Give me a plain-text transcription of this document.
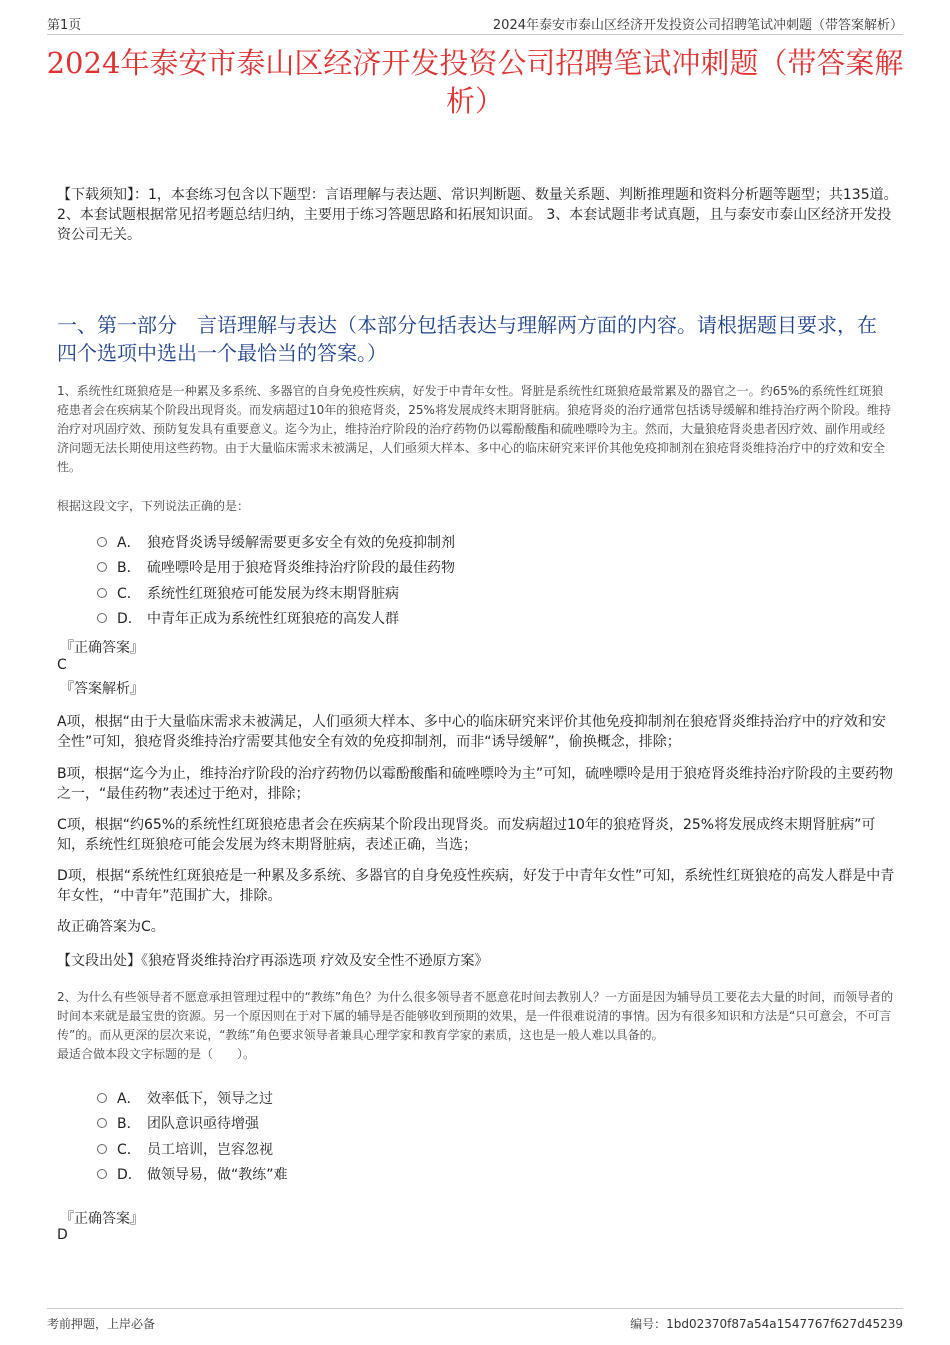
第1页	2024年泰安市泰山区经济开发投资公司招聘笔试冲刺题（带答案解析）
2024年泰安市泰山区经济开发投资公司招聘笔试冲刺题（带答案解析）
【下载须知】：1，本套练习包含以下题型：言语理解与表达题、常识判断题、数量关系题、判断推理题和资料分析题等题型；共135道。 2、本套试题根据常见招考题总结归纳，主要用于练习答题思路和拓展知识面。 3、本套试题非考试真题，且与泰安市泰山区经济开发投资公司无关。
一、第一部分　言语理解与表达（本部分包括表达与理解两方面的内容。请根据题目要求，在四个选项中选出一个最恰当的答案。）
1、系统性红斑狼疮是一种累及多系统、多器官的自身免疫性疾病，好发于中青年女性。肾脏是系统性红斑狼疮最常累及的器官之一。约65%的系统性红斑狼疮患者会在疾病某个阶段出现肾炎。而发病超过10年的狼疮肾炎，25%将发展成终末期肾脏病。狼疮肾炎的治疗通常包括诱导缓解和维持治疗两个阶段。维持治疗对巩固疗效、预防复发具有重要意义。迄今为止，维持治疗阶段的治疗药物仍以霉酚酸酯和硫唑嘌呤为主。然而，大量狼疮肾炎患者因疗效、副作用或经济问题无法长期使用这些药物。由于大量临床需求未被满足，人们亟须大样本、多中心的临床研究来评价其他免疫抑制剂在狼疮肾炎维持治疗中的疗效和安全性。
根据这段文字，下列说法正确的是：
A． 狼疮肾炎诱导缓解需要更多安全有效的免疫抑制剂
B． 硫唑嘌呤是用于狼疮肾炎维持治疗阶段的最佳药物
C． 系统性红斑狼疮可能发展为终末期肾脏病
D． 中青年正成为系统性红斑狼疮的高发人群
『正确答案』
C
『答案解析』
A项，根据“由于大量临床需求未被满足，人们亟须大样本、多中心的临床研究来评价其他免疫抑制剂在狼疮肾炎维持治疗中的疗效和安全性”可知，狼疮肾炎维持治疗需要其他安全有效的免疫抑制剂，而非“诱导缓解”，偷换概念，排除；
B项，根据“迄今为止，维持治疗阶段的治疗药物仍以霉酚酸酯和硫唑嘌呤为主”可知，硫唑嘌呤是用于狼疮肾炎维持治疗阶段的主要药物之一，“最佳药物”表述过于绝对，排除；
C项，根据“约65%的系统性红斑狼疮患者会在疾病某个阶段出现肾炎。而发病超过10年的狼疮肾炎，25%将发展成终末期肾脏病”可知，系统性红斑狼疮可能会发展为终末期肾脏病，表述正确，当选；
D项，根据“系统性红斑狼疮是一种累及多系统、多器官的自身免疫性疾病，好发于中青年女性”可知，系统性红斑狼疮的高发人群是中青年女性，“中青年”范围扩大，排除。
故正确答案为C。
【文段出处】《狼疮肾炎维持治疗再添选项 疗效及安全性不逊原方案》
2、为什么有些领导者不愿意承担管理过程中的“教练”角色？为什么很多领导者不愿意花时间去教别人？一方面是因为辅导员工要花去大量的时间，而领导者的时间本来就是最宝贵的资源。另一个原因则在于对下属的辅导是否能够收到预期的效果，是一件很难说清的事情。因为有很多知识和方法是“只可意会，不可言传”的。而从更深的层次来说，“教练”角色要求领导者兼具心理学家和教育学家的素质，这也是一般人难以具备的。
最适合做本段文字标题的是（　　）。
A． 效率低下，领导之过
B． 团队意识亟待增强
C． 员工培训，岂容忽视
D． 做领导易，做“教练”难
『正确答案』
D
考前押题，上岸必备	编号：1bd02370f87a54a1547767f627d45239
